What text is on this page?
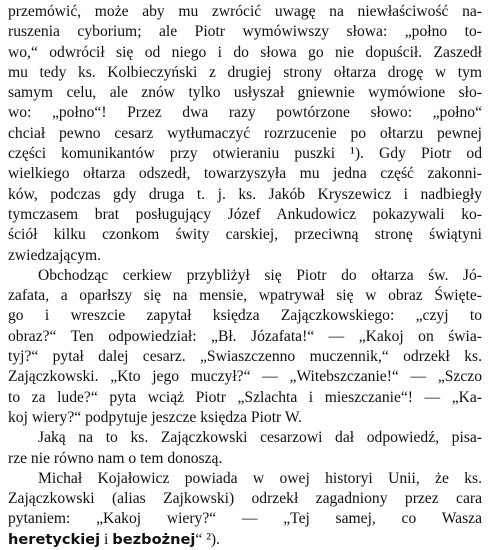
przemówić, może aby mu zwrócić uwagę na niewłaściwość na-
ruszenia cyborium; ale Piotr wymówiwszy słowa: „połno to-
wo,“ odwrócił się od niego i do słowa go nie dopuścił. Zaszedł
mu tedy ks. Kolbieczyński z drugiej strony ołtarza drogę w tym
samym celu, ale znów tylko usłyszał gniewnie wymówione sło-
wo: „połno“! Przez dwa razy powtórzone słowo: „połno“
chciał pewno cesarz wytłumaczyć rozrzucenie po ołtarzu pewnej
części komunikantów przy otwieraniu puszki ¹). Gdy Piotr od
wielkiego ołtarza odszedł, towarzyszyła mu jedna część zakonni-
ków, podczas gdy druga t. j. ks. Jakób Kryszewicz i nadbiegły
tymczasem brat posługujący Józef Ankudowicz pokazywali ko-
ściół kilku czonkom świty carskiej, przeciwną stronę świątyni
zwiedzającym.
Obchodząc cerkiew przybliżył się Piotr do ołtarza św. Jó-
zafata, a oparłszy się na mensie, wpatrywał się w obraz Święte-
go i wreszcie zapytał księdza Zajączkowskiego: „czyj to
obraz?“ Ten odpowiedział: „Bł. Józafata!“ — „Kakoj on świa-
tyj?“ pytał dalej cesarz. „Swiaszczenno muczennik,“ odrzekł ks.
Zajączkowski. „Kto jego muczył?“ — „Witebszczanie!“ — „Szczo
to za lude?“ pyta wciąż Piotr „Szlachta i mieszczanie“! — „Ka-
koj wiery?“ podpytuje jeszcze księdza Piotr W.
Jaką na to ks. Zajączkowski cesarzowi dał odpowiedź, pisa-
rze nie równo nam o tem donoszą.
Michał Kojałowicz powiada w owej historyi Unii, że ks.
Zajączkowski (alias Zajkowski) odrzekł zagadniony przez cara
pytaniem: „Kakoj wiery?“ — „Tej samej, co Wasza
heretyckiej i bezbożnej“ ²).
